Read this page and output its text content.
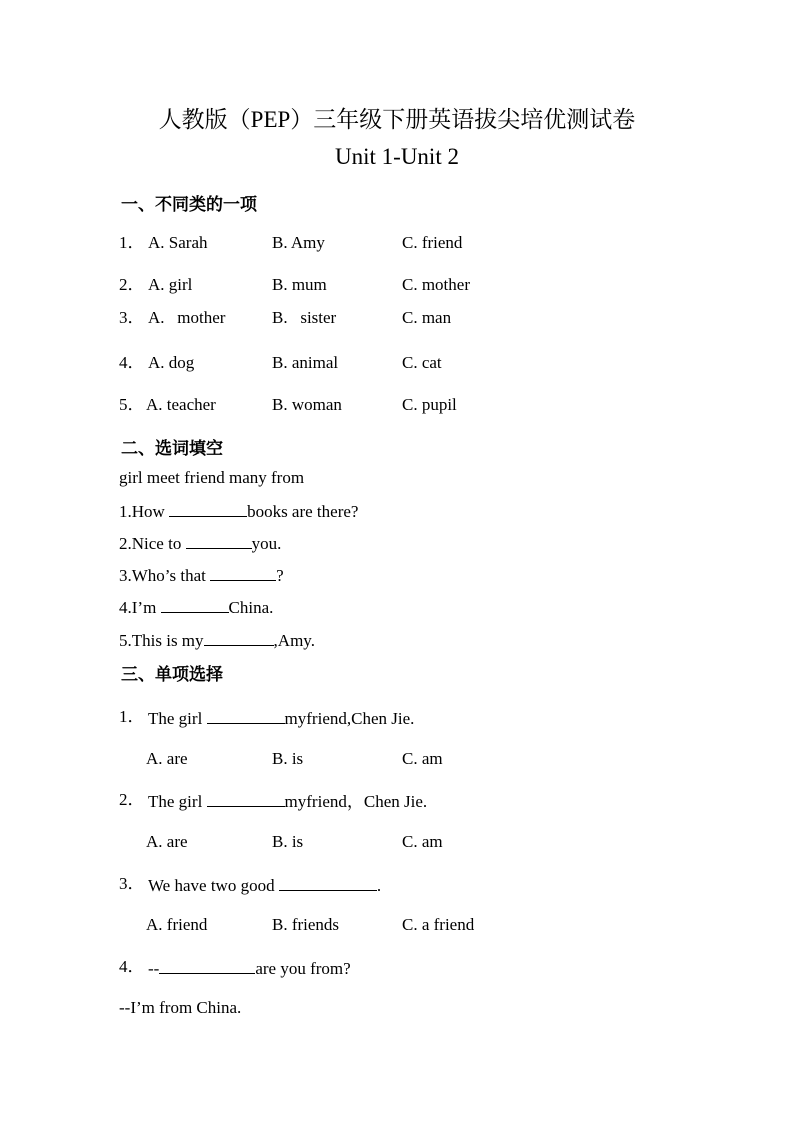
人教版（PEP）三年级下册英语拔尖培优测试卷
Unit 1-Unit 2
一、不同类的一项
1． A. Sarah	B. Amy	C. friend
2． A. girl	B. mum	C. mother
3． A.   mother	B.   sister	C. man
4． A. dog	B. animal	C. cat
5． A. teacher	B. woman	C. pupil
二、选词填空
girl meet friend many from
1.How	books are there?
2.Nice to	you.
3.Who’s that	?
4.I’m	China.
5.This is my	,Amy.
三、单项选择
1． The girl	myfriend,Chen Jie.
A. are	B. is	C. am
2． The girl	myfriend，Chen Jie.
A. are	B. is	C. am
3． We have two good	.
A. friend	B. friends	C. a friend
4． --	are you from?
--I’m from China.
